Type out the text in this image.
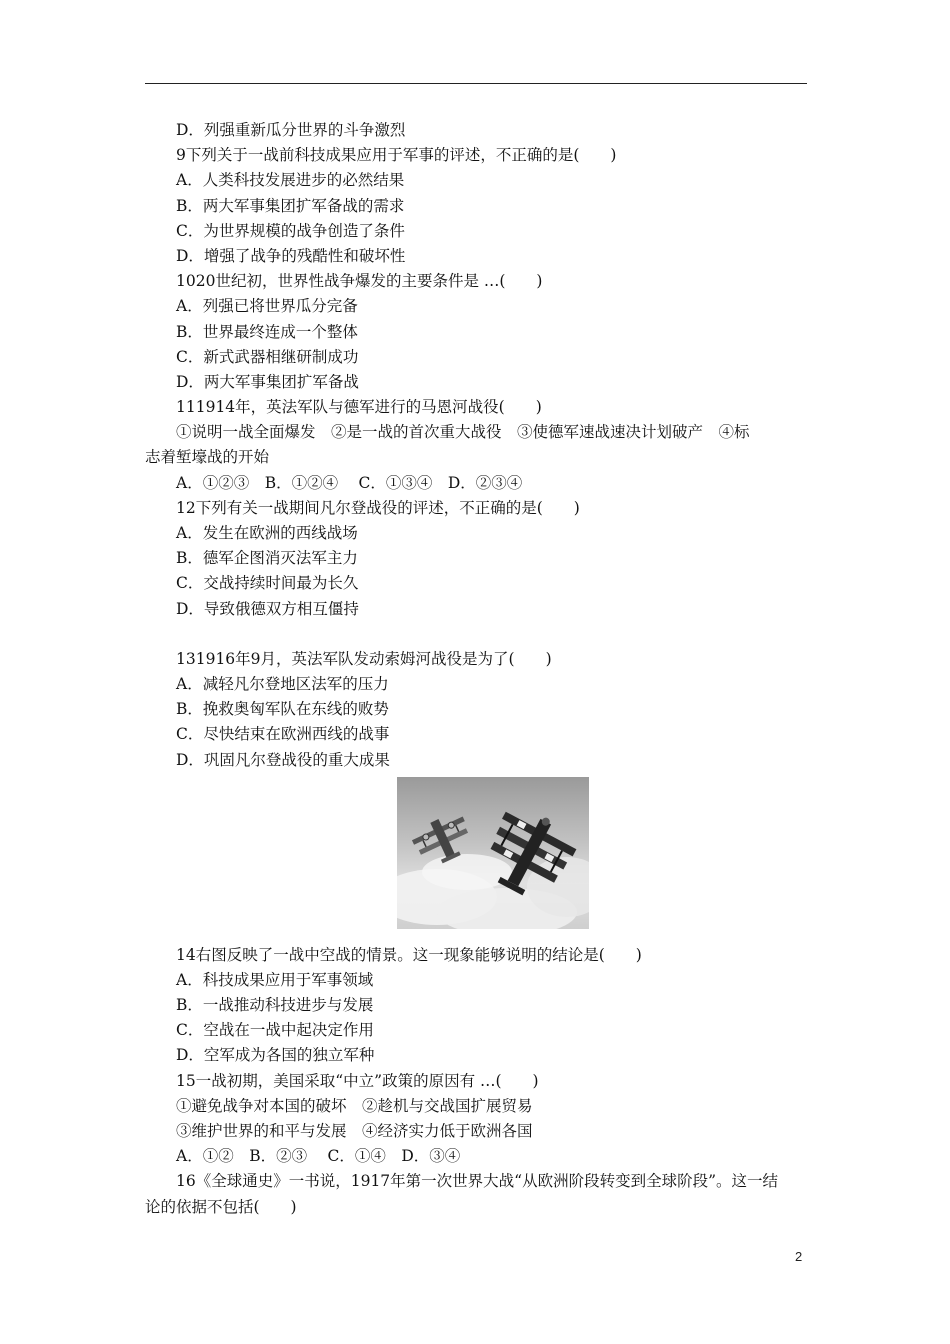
D．列强重新瓜分世界的斗争激烈
9下列关于一战前科技成果应用于军事的评述，不正确的是(　　)
A．人类科技发展进步的必然结果
B．两大军事集团扩军备战的需求
C．为世界规模的战争创造了条件
D．增强了战争的残酷性和破坏性
1020世纪初，世界性战争爆发的主要条件是 …(　　)
A．列强已将世界瓜分完备
B．世界最终连成一个整体
C．新式武器相继研制成功
D．两大军事集团扩军备战
111914年，英法军队与德军进行的马恩河战役(　　)
①说明一战全面爆发　②是一战的首次重大战役　③使德军速战速决计划破产　④标
志着堑壕战的开始
A．①②③　B．①②④　 C．①③④　D．②③④
12下列有关一战期间凡尔登战役的评述，不正确的是(　　)
A．发生在欧洲的西线战场
B．德军企图消灭法军主力
C．交战持续时间最为长久
D．导致俄德双方相互僵持
131916年9月，英法军队发动索姆河战役是为了(　　)
A．减轻凡尔登地区法军的压力
B．挽救奥匈军队在东线的败势
C．尽快结束在欧洲西线的战事
D．巩固凡尔登战役的重大成果
14右图反映了一战中空战的情景。这一现象能够说明的结论是(　　)
A．科技成果应用于军事领域
B．一战推动科技进步与发展
C．空战在一战中起决定作用
D．空军成为各国的独立军种
15一战初期，美国采取“中立”政策的原因有 …(　　)
①避免战争对本国的破坏　②趁机与交战国扩展贸易
③维护世界的和平与发展　④经济实力低于欧洲各国
A．①②　B．②③　 C．①④　D．③④
16《全球通史》一书说，1917年第一次世界大战“从欧洲阶段转变到全球阶段”。这一结
论的依据不包括(　　)
2
